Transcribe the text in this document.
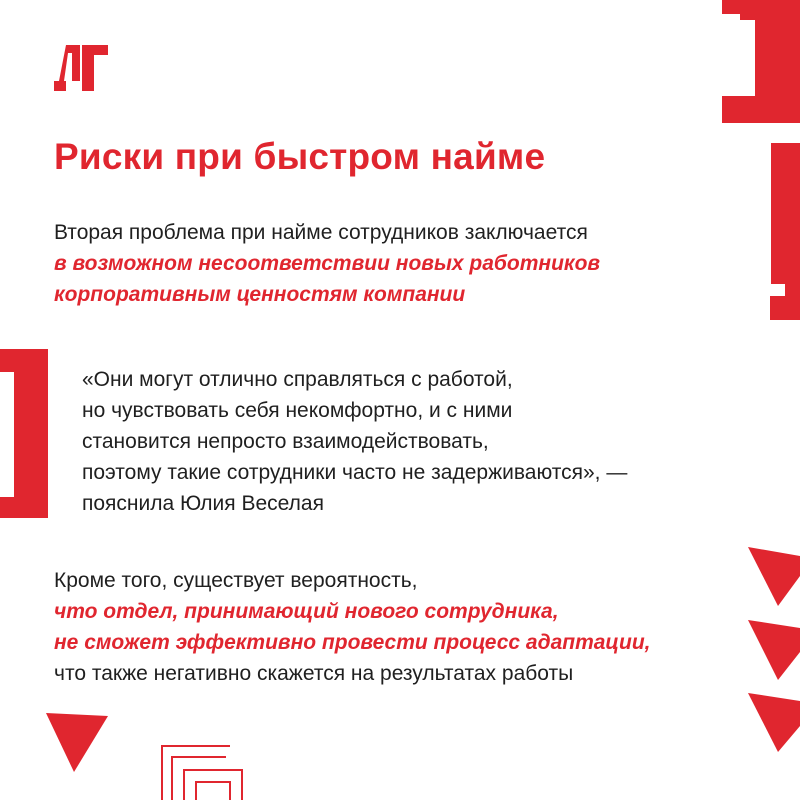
ДГ
Риски при быстром найме

Вторая проблема при найме сотрудников заключается
в возможном несоответствии новых работников
корпоративным ценностям компании

«Они могут отлично справляться с работой,
но чувствовать себя некомфортно, и с ними
становится непросто взаимодействовать,
поэтому такие сотрудники часто не задерживаются», —
пояснила Юлия Веселая

Кроме того, существует вероятность,
что отдел, принимающий нового сотрудника,
не сможет эффективно провести процесс адаптации,
что также негативно скажется на результатах работы
